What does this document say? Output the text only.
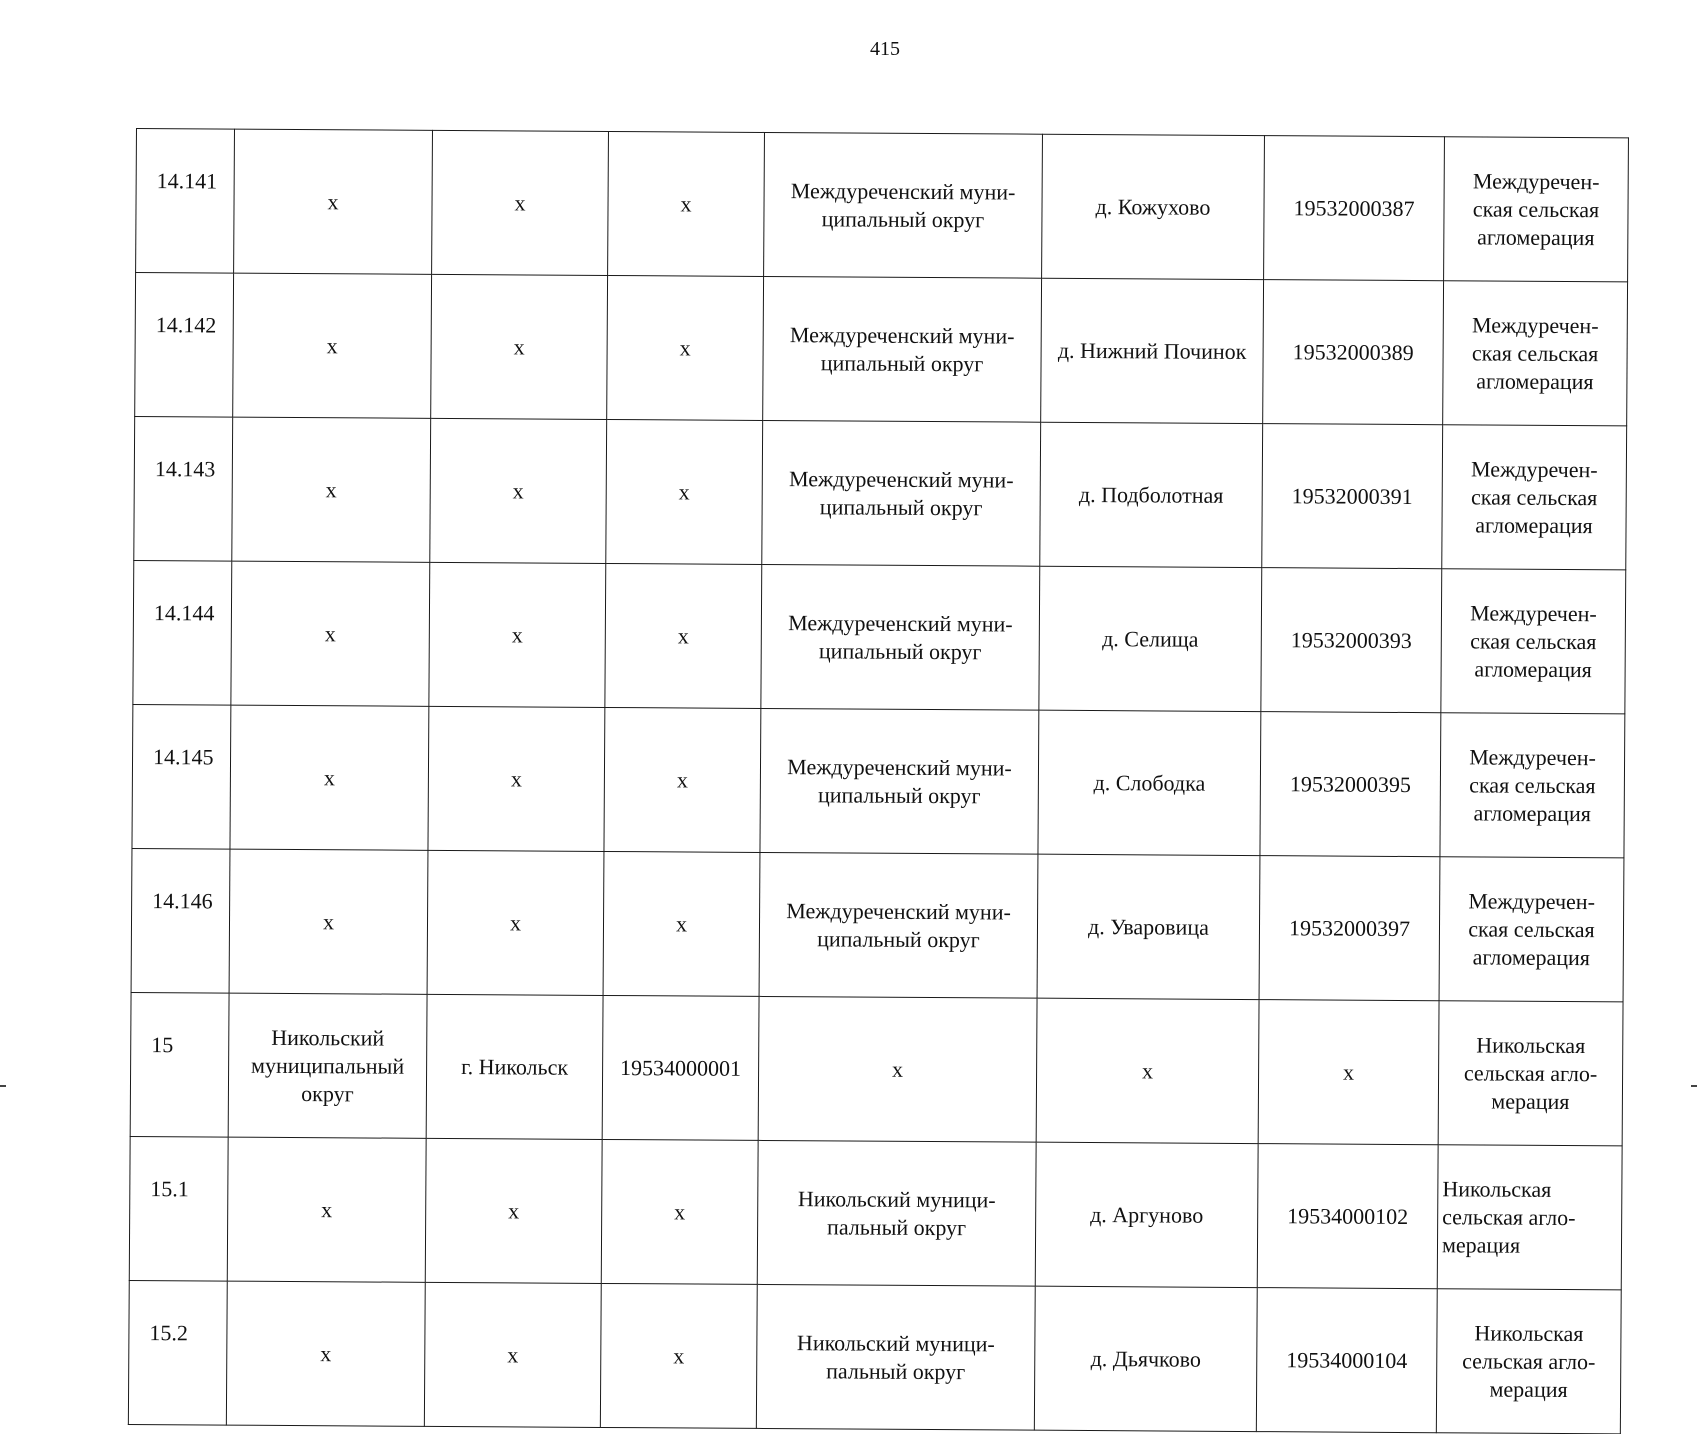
415
14.141	х	х	х	Междуреченский муни-
ципальный округ	д. Кожухово	19532000387	Междуречен-
ская сельская
агломерация
14.142	х	х	х	Междуреченский муни-
ципальный округ	д. Нижний Починок	19532000389	Междуречен-
ская сельская
агломерация
14.143	х	х	х	Междуреченский муни-
ципальный округ	д. Подболотная	19532000391	Междуречен-
ская сельская
агломерация
14.144	х	х	х	Междуреченский муни-
ципальный округ	д. Селища	19532000393	Междуречен-
ская сельская
агломерация
14.145	х	х	х	Междуреченский муни-
ципальный округ	д. Слободка	19532000395	Междуречен-
ская сельская
агломерация
14.146	х	х	х	Междуреченский муни-
ципальный округ	д. Уваровица	19532000397	Междуречен-
ская сельская
агломерация
15	Никольский
муниципальный
округ	г. Никольск	19534000001	х	х	х	Никольская
сельская агло-
мерация
15.1	х	х	х	Никольский муници-
пальный округ	д. Аргуново	19534000102	Никольская
сельская агло-
мерация
15.2	х	х	х	Никольский муници-
пальный округ	д. Дьячково	19534000104	Никольская
сельская агло-
мерация
